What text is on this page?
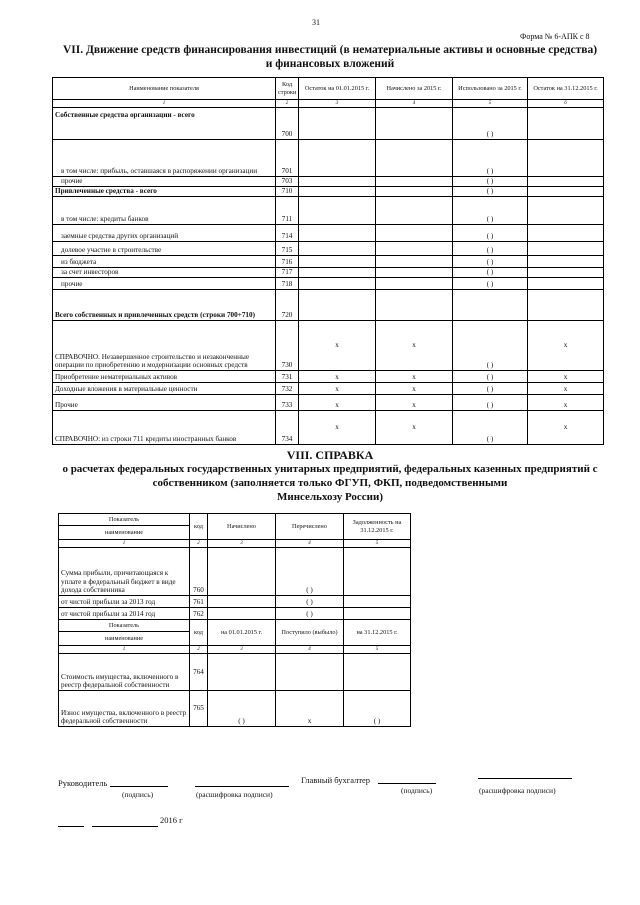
31
Форма № 6-АПК с 8
VII. Движение средств финансирования инвестиций (в нематериальные активы и основные средства)
и финансовых вложений
Наименование показателя	Код строки	Остаток на 01.01.2015 г.	Начислено за 2015 г.	Использовано за 2015 г.	Остаток на 31.12.2015 г.
1	2	3	4	5	6
Собственные средства организации - всего	700			( )	
в том числе: прибыль, оставшаяся в распоряжении организации	701			( )	
прочие	703			( )	
Привлеченные средства - всего	710			( )	
в том числе: кредиты банков	711			( )	
заемные средства других организаций	714			( )	
долевое участие в строительстве	715			( )	
из бюджета	716			( )	
за счет инвесторов	717			( )	
прочие	718			( )	
Всего собственных и привлеченных средств (строки 700+710)	720				
СПРАВОЧНО. Незавершенное строительство и незаконченные операции по приобретению и модернизации основных средств	730	x	x	( )	x
Приобретение нематериальных активов	731	x	x	( )	x
Доходные вложения в материальные ценности	732	x	x	( )	x
Прочие	733	x	x	( )	x
СПРАВОЧНО: из строки 711 кредиты иностранных банков	734	x	x	( )	x
VIII. СПРАВКА
о расчетах федеральных государственных унитарных предприятий, федеральных казенных предприятий с
собственником (заполняется только ФГУП, ФКП, подведомственными
Минсельхозу России)
Показатель	код	Начислено	Перечислено	Задолженность на 31.12.2015 г.
наименование				
1	2	3	4	5
Сумма прибыли, причитающаяся к уплате в федеральный бюджет в виде дохода собственника	760		( )	
от чистой прибыли за 2013 год	761		( )	
от чистой прибыли за 2014 год	762		( )	
Показатель	код	на 01.01.2015 г.	Поступило (выбыло)	на 31.12.2015 г.
наименование				
1	2	3	4	5
Стоимость имущества, включенного в реестр федеральной собственности	764			
Износ имущества, включенного в реестр федеральной собственности	765	( )	x	( )
Руководитель
(подпись)	(расшифровка подписи)
Главный бухгалтер
(подпись)	(расшифровка подписи)
2016 г
